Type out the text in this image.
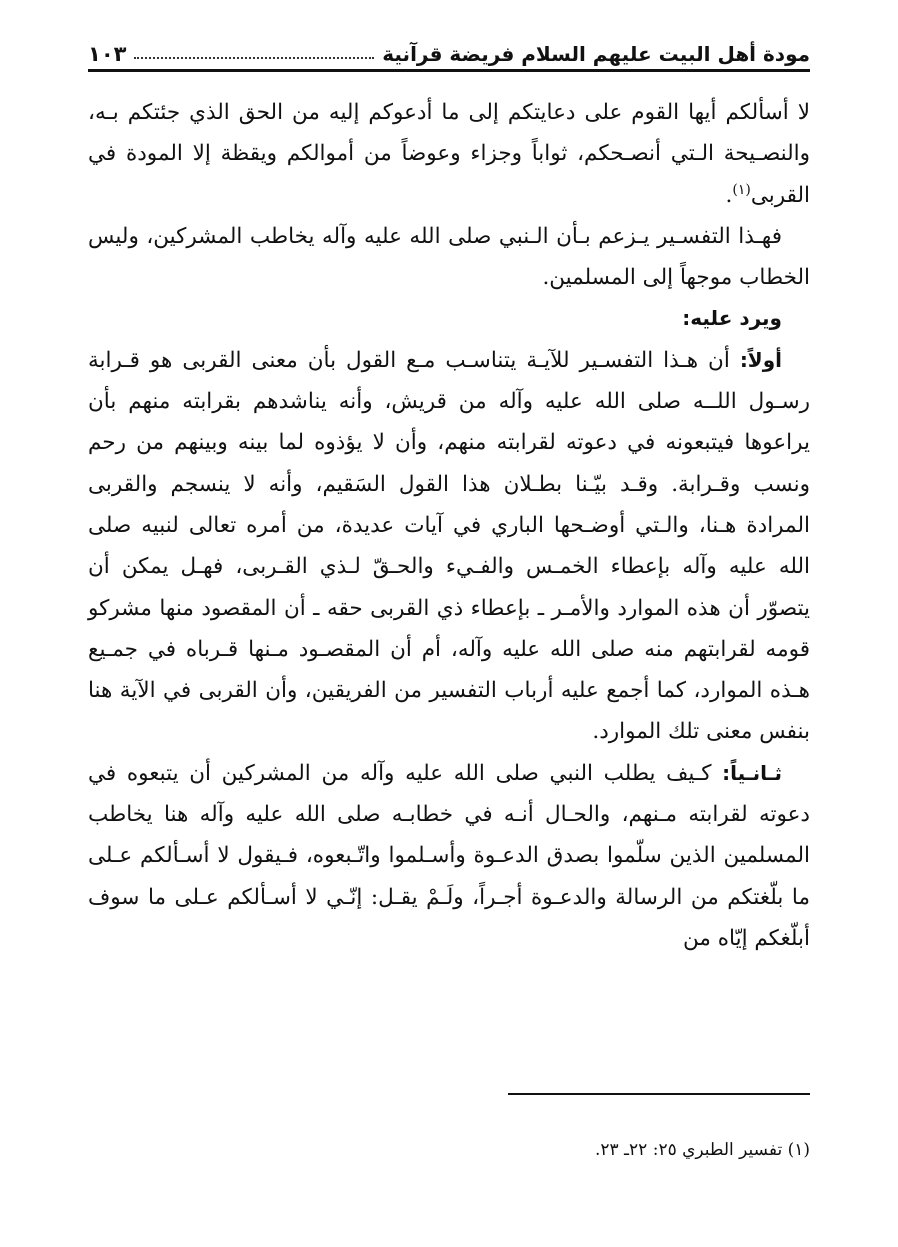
مودة أهل البيت عليهم السلام فريضة قرآنية
١٠٣

لا أسألكم أيها القوم على دعايتكم إلى ما أدعوكم إليه من الحق الذي جئتكم بـه، والنصـيحة الـتي أنصـحكم، ثواباً وجزاء وعوضاً من أموالكم ويقظة إلا المودة في القربى$^{(١)}$.

فهـذا التفسـير يـزعم بـأن الـنبي صلى الله عليه وآله يخاطب المشركين، وليس الخطاب موجهاً إلى المسلمين.

ويرد عليه:

أولاً: أن هـذا التفسـير للآيـة يتناسـب مـع القول بأن معنى القربى هو قـرابة رسـول اللــه صلى الله عليه وآله من قريش، وأنه يناشدهم بقرابته منهم بأن يراعوها فيتبعونه في دعوته لقرابته منهم، وأن لا يؤذوه لما بينه وبينهم من رحم ونسب وقـرابة. وقـد بيّـنا بطـلان هذا القول السَقيم، وأنه لا ينسجم والقربى المرادة هـنا، والـتي أوضـحها الباري في آيات عديدة، من أمره تعالى لنبيه صلى الله عليه وآله بإعطاء الخمـس والفـيء والحـقّ لـذي القـربى، فهـل يمكن أن يتصوّر أن هذه الموارد والأمـر ـ بإعطاء ذي القربى حقه ـ أن المقصود منها مشركو قومه لقرابتهم منه صلى الله عليه وآله، أم أن المقصـود مـنها قـرباه في جمـيع هـذه الموارد، كما أجمع عليه أرباب التفسير من الفريقين، وأن القربى في الآية هنا بنفس معنى تلك الموارد.

ثـانـياً: كـيف يطلب النبي صلى الله عليه وآله من المشركين أن يتبعوه في دعوته لقرابته مـنهم، والحـال أنـه في خطابـه صلى الله عليه وآله هنا يخاطب المسلمين الذين سلّموا بصدق الدعـوة وأسـلموا واتّـبعوه، فـيقول لا أسـألكم عـلى ما بلّغتكم من الرسالة والدعـوة أجـراً، ولَـمْ يقـل: إنّـي لا أسـألكم عـلى ما سوف أبلّغكم إيّاه من

(١) تفسير الطبري ٢٥: ٢٢ـ ٢٣.
